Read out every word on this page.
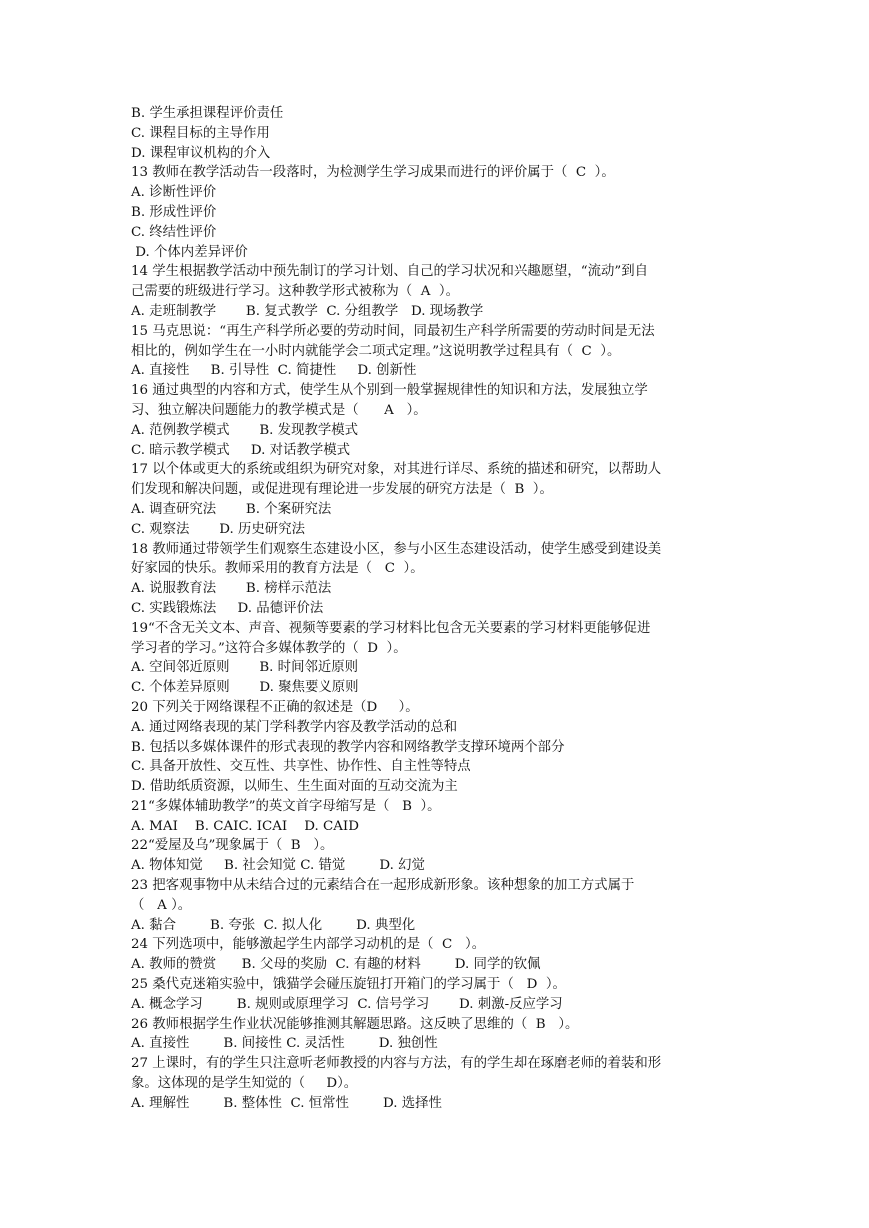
B. 学生承担课程评价责任
C. 课程目标的主导作用
D. 课程审议机构的介入
13 教师在教学活动告一段落时，为检测学生学习成果而进行的评价属于（  C  ）。
A. 诊断性评价
B. 形成性评价
C. 终结性评价
D. 个体内差异评价
14 学生根据教学活动中预先制订的学习计划、自己的学习状况和兴趣愿望，“流动”到自
己需要的班级进行学习。这种教学形式被称为（  A  ）。
A. 走班制教学       B. 复式教学  C. 分组教学   D. 现场教学
15 马克思说：“再生产科学所必要的劳动时间，同最初生产科学所需要的劳动时间是无法
相比的，例如学生在一小时内就能学会二项式定理。”这说明教学过程具有（  C  ）。
A. 直接性     B. 引导性  C. 简捷性     D. 创新性
16 通过典型的内容和方式，使学生从个别到一般掌握规律性的知识和方法，发展独立学
习、独立解决问题能力的教学模式是（      A   ）。
A. 范例教学模式       B. 发现教学模式
C. 暗示教学模式     D. 对话教学模式
17 以个体或更大的系统或组织为研究对象，对其进行详尽、系统的描述和研究，以帮助人
们发现和解决问题，或促进现有理论进一步发展的研究方法是（  B  ）。
A. 调查研究法       B. 个案研究法
C. 观察法       D. 历史研究法
18 教师通过带领学生们观察生态建设小区，参与小区生态建设活动，使学生感受到建设美
好家园的快乐。教师采用的教育方法是（   C  ）。
A. 说服教育法       B. 榜样示范法
C. 实践锻炼法     D. 品德评价法
19“不含无关文本、声音、视频等要素的学习材料比包含无关要素的学习材料更能够促进
学习者的学习。”这符合多媒体教学的（  D  ）。
A. 空间邻近原则       B. 时间邻近原则
C. 个体差异原则       D. 聚焦要义原则
20 下列关于网络课程不正确的叙述是（D     ）。
A. 通过网络表现的某门学科教学内容及教学活动的总和
B. 包括以多媒体课件的形式表现的教学内容和网络教学支撑环境两个部分
C. 具备开放性、交互性、共享性、协作性、自主性等特点
D. 借助纸质资源，以师生、生生面对面的互动交流为主
21“多媒体辅助教学”的英文首字母缩写是（   B  ）。
A. MAI    B. CAIC. ICAI    D. CAID
22“爱屋及乌”现象属于（  B   ）。
A. 物体知觉     B. 社会知觉 C. 错觉        D. 幻觉
23 把客观事物中从未结合过的元素结合在一起形成新形象。该种想象的加工方式属于
（   A ）。
A. 黏合        B. 夸张  C. 拟人化        D. 典型化
24 下列选项中，能够激起学生内部学习动机的是（  C   ）。
A. 教师的赞赏      B. 父母的奖励  C. 有趣的材料        D. 同学的钦佩
25 桑代克迷箱实验中，饿猫学会碰压旋钮打开箱门的学习属于（   D  ）。
A. 概念学习        B. 规则或原理学习  C. 信号学习       D. 刺激-反应学习
26 教师根据学生作业状况能够推测其解题思路。这反映了思维的（  B   ）。
A. 直接性        B. 间接性 C. 灵活性        D. 独创性
27 上课时，有的学生只注意听老师教授的内容与方法，有的学生却在琢磨老师的着装和形
象。这体现的是学生知觉的（     D）。
A. 理解性        B. 整体性  C. 恒常性        D. 选择性
